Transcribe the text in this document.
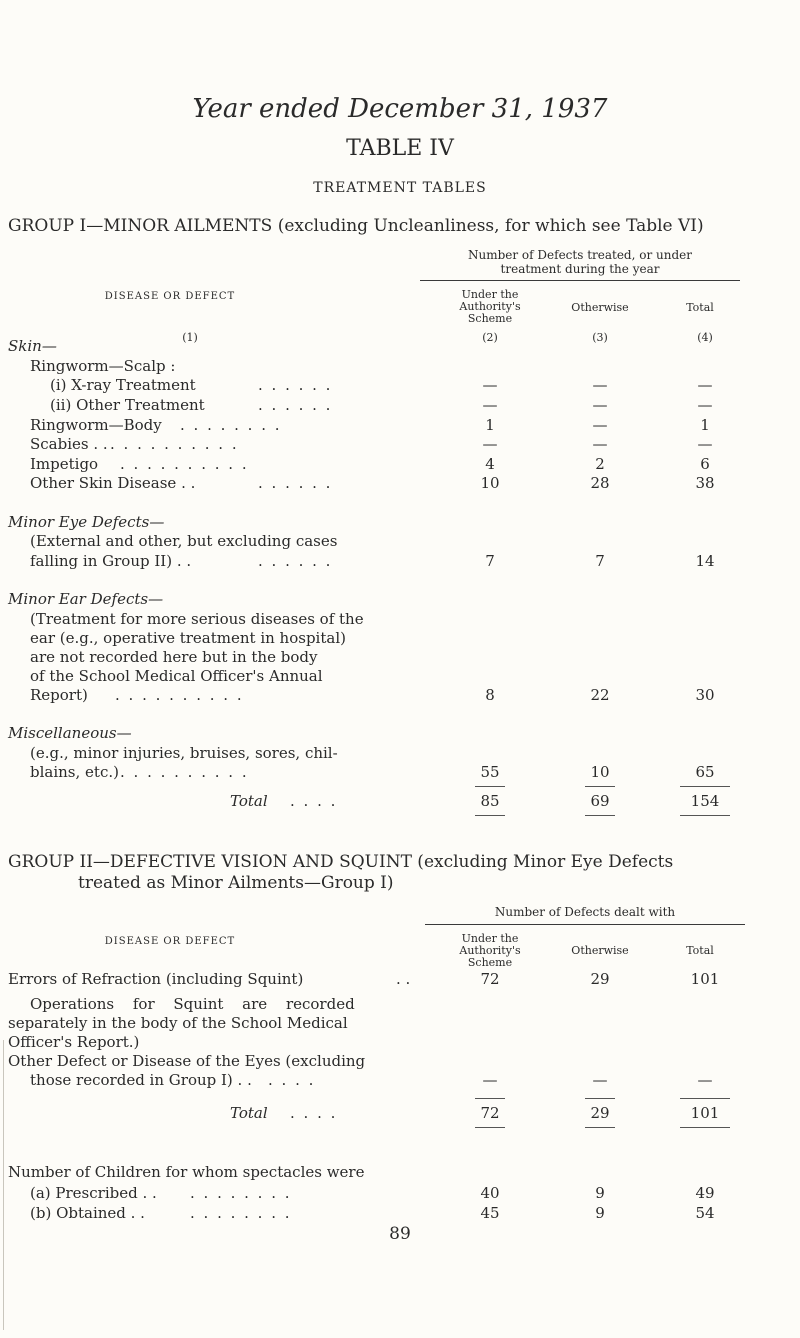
Year ended December 31, 1937
TABLE IV
TREATMENT TABLES
GROUP I—MINOR AILMENTS (excluding Uncleanliness, for which see Table VI)
Number of Defects treated, or under
treatment during the year
DISEASE OR DEFECT	Under the Authority's Scheme
Otherwise	Total
(1)	(2)	(3)	(4)
Skin—
Ringworm—Scalp :
(i) X-ray Treatment	. . . . . .	—	—	—
(ii) Other Treatment	. . . . . .	—	—	—
Ringworm—Body . . . . . . . .	1	—	1
Scabies . . . . . . . . . . . .	—	—	—
Impetigo . . . . . . . . . .	4	2	6
Other Skin Disease . .	. . . . . .	10	28	38
Minor Eye Defects—
(External and other, but excluding cases
falling in Group II) . .	. . . . . .	7	7	14
Minor Ear Defects—
(Treatment for more serious diseases of the
ear (e.g., operative treatment in hospital)
are not recorded here but in the body
of the School Medical Officer's Annual
Report) . . . . . . . . . .	8	22	30
Miscellaneous—
(e.g., minor injuries, bruises, sores, chil-
blains, etc.) . . . . . . . . . .	55	10	65
Total . . . .	85	69	154
GROUP II—DEFECTIVE VISION AND SQUINT (excluding Minor Eye Defects
treated as Minor Ailments—Group I)
Number of Defects dealt with
DISEASE OR DEFECT	Under the Authority's Scheme
Otherwise	Total
Errors of Refraction (including Squint)	. .	72	29	101
Operations for Squint are recorded
separately in the body of the School Medical
Officer's Report.)
Other Defect or Disease of the Eyes (excluding
those recorded in Group I) . . . . . .	—	—	—
Total . . . .	72	29	101
Number of Children for whom spectacles were
(a) Prescribed . . . . . . . . . .	40	9	49
(b) Obtained . .	. . . . . . . .	45	9	54
89
